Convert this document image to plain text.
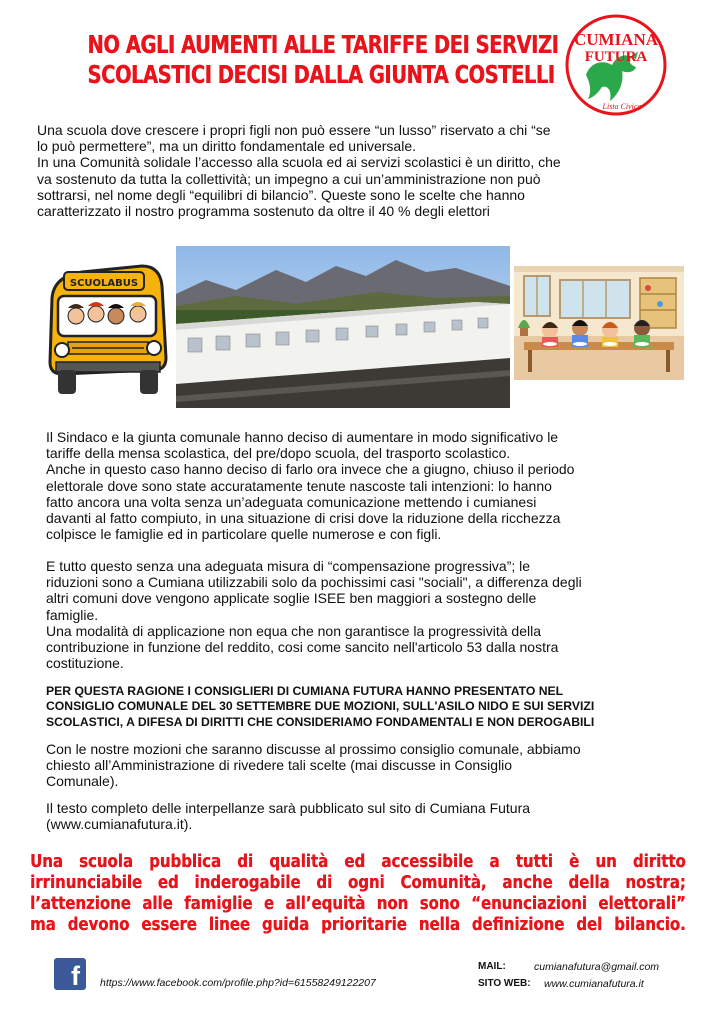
NO AGLI AUMENTI ALLE TARIFFE DEI SERVIZI
SCOLASTICI DECISI DALLA GIUNTA COSTELLI
CUMIANA
FUTURA
Lista Civica
Una scuola dove crescere i propri figli non può essere “un lusso” riservato a chi “se
lo può permettere”, ma un diritto fondamentale ed universale.
In una Comunità solidale l’accesso alla scuola ed ai servizi scolastici è un diritto, che
va sostenuto da tutta la collettività; un impegno a cui un’amministrazione non può
sottrarsi, nel nome degli “equilibri di bilancio”. Queste sono le scelte che hanno
caratterizzato il nostro programma sostenuto da oltre il 40 % degli elettori
SCUOLABUS
Il Sindaco e la giunta comunale hanno deciso di aumentare in modo significativo le
tariffe della mensa scolastica, del pre/dopo scuola, del trasporto scolastico.
Anche in questo caso hanno deciso di farlo ora invece che a giugno, chiuso il periodo
elettorale dove sono state accuratamente tenute nascoste tali intenzioni: lo hanno
fatto ancora una volta senza un’adeguata comunicazione mettendo i cumianesi
davanti al fatto compiuto, in una situazione di crisi dove la riduzione della ricchezza
colpisce le famiglie ed in particolare quelle numerose e con figli.
E tutto questo senza una adeguata misura di “compensazione progressiva”; le
riduzioni sono a Cumiana utilizzabili solo da pochissimi casi "sociali", a differenza degli
altri comuni dove vengono applicate soglie ISEE ben maggiori a sostegno delle
famiglie.
Una modalità di applicazione non equa che non garantisce la progressività della
contribuzione in funzione del reddito, cosi come sancito nell'articolo 53 dalla nostra
costituzione.
PER QUESTA RAGIONE I CONSIGLIERI DI CUMIANA FUTURA HANNO PRESENTATO NEL
CONSIGLIO COMUNALE DEL 30 SETTEMBRE DUE MOZIONI, SULL'ASILO NIDO E SUI SERVIZI
SCOLASTICI, A DIFESA DI DIRITTI CHE CONSIDERIAMO FONDAMENTALI E NON DEROGABILI
Con le nostre mozioni che saranno discusse al prossimo consiglio comunale, abbiamo
chiesto all’Amministrazione di rivedere tali scelte (mai discusse in Consiglio
Comunale).
Il testo completo delle interpellanze sarà pubblicato sul sito di Cumiana Futura
(www.cumianafutura.it).
Una scuola pubblica di qualità ed accessibile a tutti è un diritto
irrinunciabile ed inderogabile di ogni Comunità, anche della nostra;
l’attenzione alle famiglie e all’equità non sono “enunciazioni elettorali”
ma devono essere linee guida prioritarie nella definizione del bilancio.
f https://www.facebook.com/profile.php?id=61558249122207
MAIL:	cumianafutura@gmail.com
SITO WEB: www.cumianafutura.it
